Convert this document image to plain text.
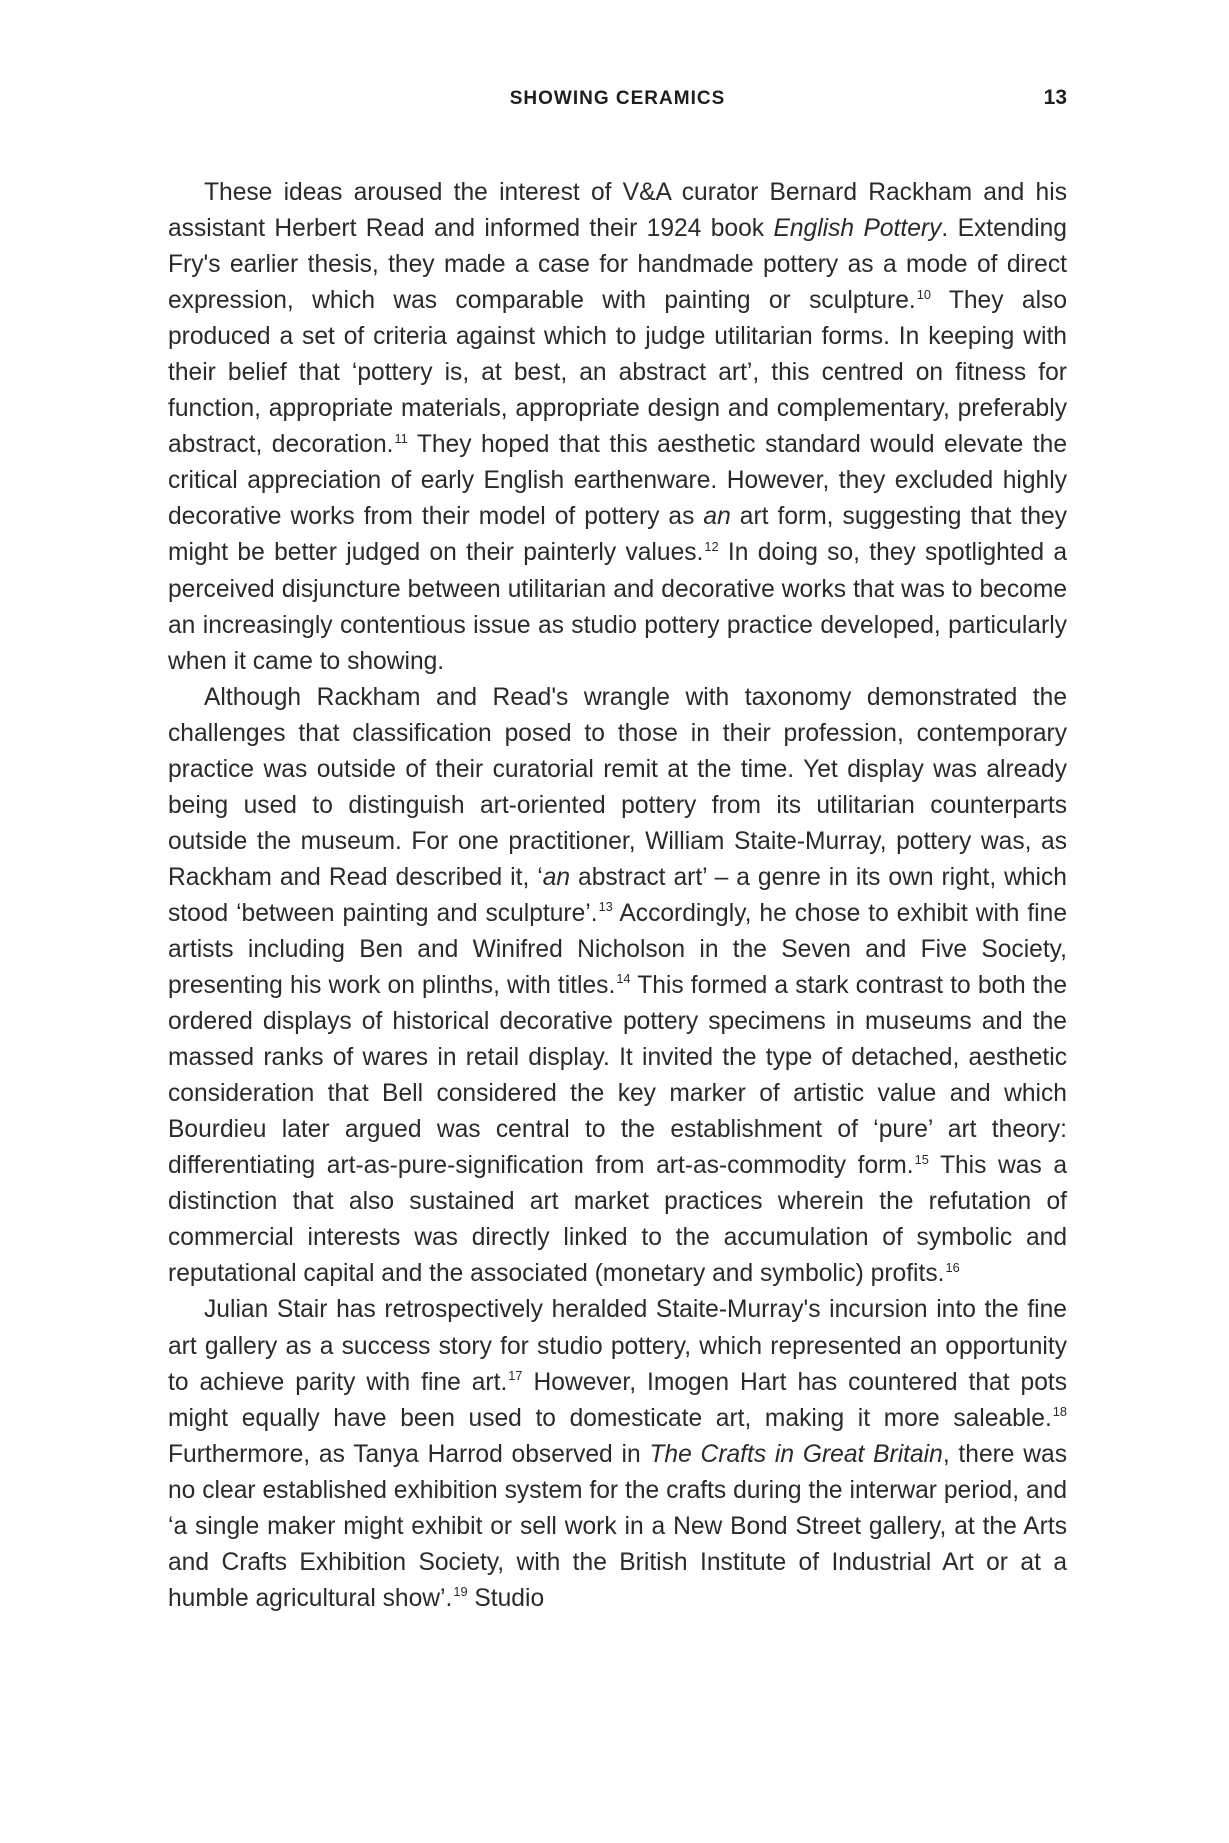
SHOWING CERAMICS	13

These ideas aroused the interest of V&A curator Bernard Rackham and his assistant Herbert Read and informed their 1924 book English Pottery. Extending Fry's earlier thesis, they made a case for handmade pottery as a mode of direct expression, which was comparable with painting or sculpture.$^{10}$ They also produced a set of criteria against which to judge utilitarian forms. In keeping with their belief that ‘pottery is, at best, an abstract art’, this centred on fitness for function, appropriate materials, appropriate design and complementary, preferably abstract, decoration.$^{11}$ They hoped that this aesthetic standard would elevate the critical appreciation of early English earthenware. However, they excluded highly decorative works from their model of pottery as an art form, suggesting that they might be better judged on their painterly values.$^{12}$ In doing so, they spotlighted a perceived disjuncture between utilitarian and decorative works that was to become an increasingly contentious issue as studio pottery practice developed, particularly when it came to showing.

Although Rackham and Read's wrangle with taxonomy demonstrated the challenges that classification posed to those in their profession, contemporary practice was outside of their curatorial remit at the time. Yet display was already being used to distinguish art-oriented pottery from its utilitarian counterparts outside the museum. For one practitioner, William Staite-Murray, pottery was, as Rackham and Read described it, ‘an abstract art’ – a genre in its own right, which stood ‘between painting and sculpture’.$^{13}$ Accordingly, he chose to exhibit with fine artists including Ben and Winifred Nicholson in the Seven and Five Society, presenting his work on plinths, with titles.$^{14}$ This formed a stark contrast to both the ordered displays of historical decorative pottery specimens in museums and the massed ranks of wares in retail display. It invited the type of detached, aesthetic consideration that Bell considered the key marker of artistic value and which Bourdieu later argued was central to the establishment of ‘pure’ art theory: differentiating art-as-pure-signification from art-as-commodity form.$^{15}$ This was a distinction that also sustained art market practices wherein the refutation of commercial interests was directly linked to the accumulation of symbolic and reputational capital and the associated (monetary and symbolic) profits.$^{16}$

Julian Stair has retrospectively heralded Staite-Murray's incursion into the fine art gallery as a success story for studio pottery, which represented an opportunity to achieve parity with fine art.$^{17}$ However, Imogen Hart has countered that pots might equally have been used to domesticate art, making it more saleable.$^{18}$ Furthermore, as Tanya Harrod observed in The Crafts in Great Britain, there was no clear established exhibition system for the crafts during the interwar period, and ‘a single maker might exhibit or sell work in a New Bond Street gallery, at the Arts and Crafts Exhibition Society, with the British Institute of Industrial Art or at a humble agricultural show’.$^{19}$ Studio
